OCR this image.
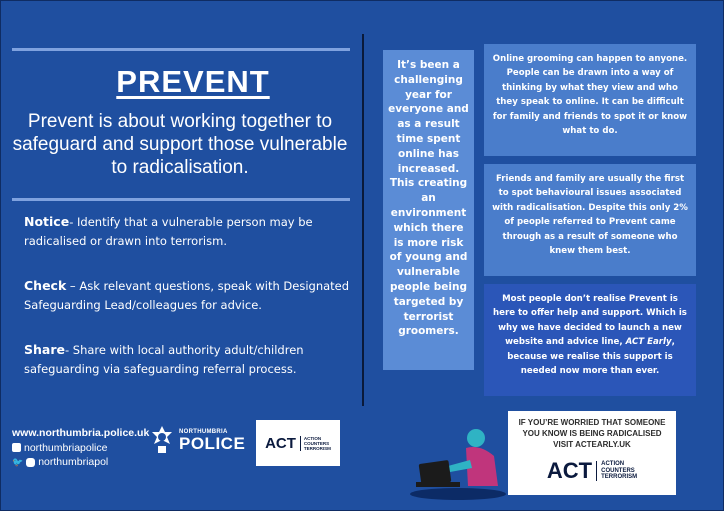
PREVENT
Prevent is about working together to safeguard and support those vulnerable to radicalisation.
Notice- Identify that a vulnerable person may be radicalised or drawn into terrorism.
Check – Ask relevant questions, speak with Designated Safeguarding Lead/colleagues for advice.
Share- Share with local authority adult/children safeguarding via safeguarding referral process.
www.northumbria.police.uk
northumbriapolice
🐦 northumbriapol
NORTHUMBRIA
POLICE ACT	ACTION
COUNTERS
TERRORISM
It’s been a challenging year for everyone and as a result time spent online has increased. This creating an environment which there is more risk of young and vulnerable people being targeted by terrorist groomers.
Online grooming can happen to anyone. People can be drawn into a way of thinking by what they view and who they speak to online. It can be difficult for family and friends to spot it or know what to do.
Friends and family are usually the first to spot behavioural issues associated with radicalisation. Despite this only 2% of people referred to Prevent came through as a result of someone who knew them best.
Most people don’t realise Prevent is here to offer help and support. Which is why we have decided to launch a new website and advice line, ACT Early, because we realise this support is needed now more than ever.
IF YOU’RE WORRIED THAT SOMEONE
YOU KNOW IS BEING RADICALISED
VISIT ACTEARLY.UK
ACT	ACTION
COUNTERS
TERRORISM
